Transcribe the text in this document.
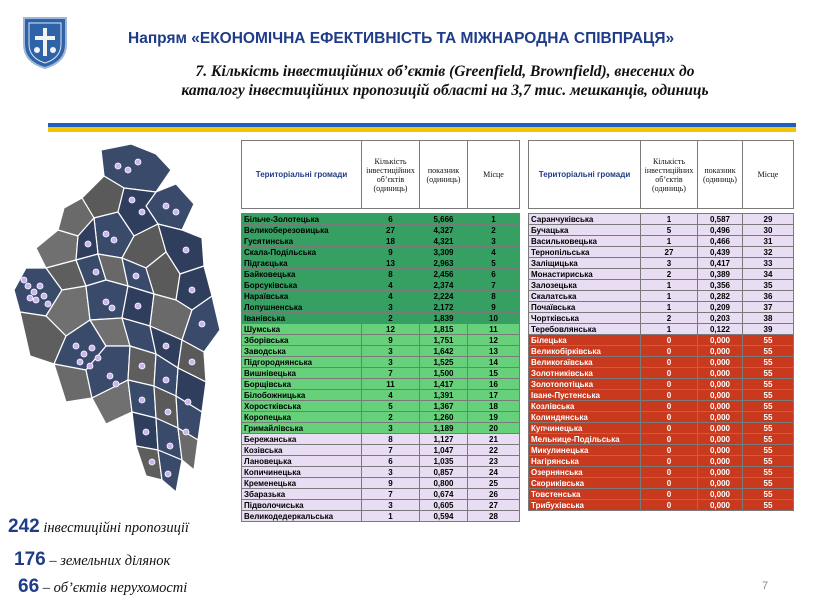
Напрям «ЕКОНОМІЧНА ЕФЕКТИВНІСТЬ ТА МІЖНАРОДНА СПІВПРАЦЯ»
7. Кількість інвестиційних об’єктів (Greenfield, Brownfield), внесених до
каталогу інвестиційних пропозицій області на 3,7 тис. мешканців, одиниць
Територіальні громади	Кількість інвестиційних об’єктів (одиниць)	показник (одиниць)	Місце

Більче-Золотецька	6	5,666	1
Великоберезовицька	27	4,327	2
Гусятинська	18	4,321	3
Скала-Подільська	9	3,309	4
Підгаєцька	13	2,963	5
Байковецька	8	2,456	6
Борсуківська	4	2,374	7
Нараївська	4	2,224	8
Лопушненська	3	2,172	9
Іванівська	2	1,839	10
Шумська	12	1,815	11
Зборівська	9	1,751	12
Заводська	3	1,642	13
Підгороднянська	3	1,525	14
Вишнівецька	7	1,500	15
Борщівська	11	1,417	16
Білобожницька	4	1,391	17
Хоростківська	5	1,367	18
Коропецька	2	1,260	19
Гримайлівська	3	1,189	20
Бережанська	8	1,127	21
Козівська	7	1,047	22
Лановецька	6	1,035	23
Копичинецька	3	0,857	24
Кременецька	9	0,800	25
Збаразька	7	0,674	26
Підволочиська	3	0,605	27
Великодедеркальська	1	0,594	28
Територіальні громади	Кількість інвестиційних об’єктів (одиниць)	показник (одиниць)	Місце

Саранчуківська	1	0,587	29
Бучацька	5	0,496	30
Васильковецька	1	0,466	31
Тернопільська	27	0,439	32
Заліщицька	3	0,417	33
Монастириська	2	0,389	34
Залозецька	1	0,356	35
Скалатська	1	0,282	36
Почаївська	1	0,209	37
Чортківська	2	0,203	38
Теребовлянська	1	0,122	39
Білецька	0	0,000	55
Великобірківська	0	0,000	55
Великогаївська	0	0,000	55
Золотниківська	0	0,000	55
Золотопотіцька	0	0,000	55
Іване-Пустенська	0	0,000	55
Козлівська	0	0,000	55
Колиндянська	0	0,000	55
Купчинецька	0	0,000	55
Мельнице-Подільська	0	0,000	55
Микулинецька	0	0,000	55
Нагірянська	0	0,000	55
Озернянська	0	0,000	55
Скориківська	0	0,000	55
Товстенська	0	0,000	55
Трибухівська	0	0,000	55
242 інвестиційні пропозиції
176 – земельних ділянок
66 – об’єктів нерухомості	7
